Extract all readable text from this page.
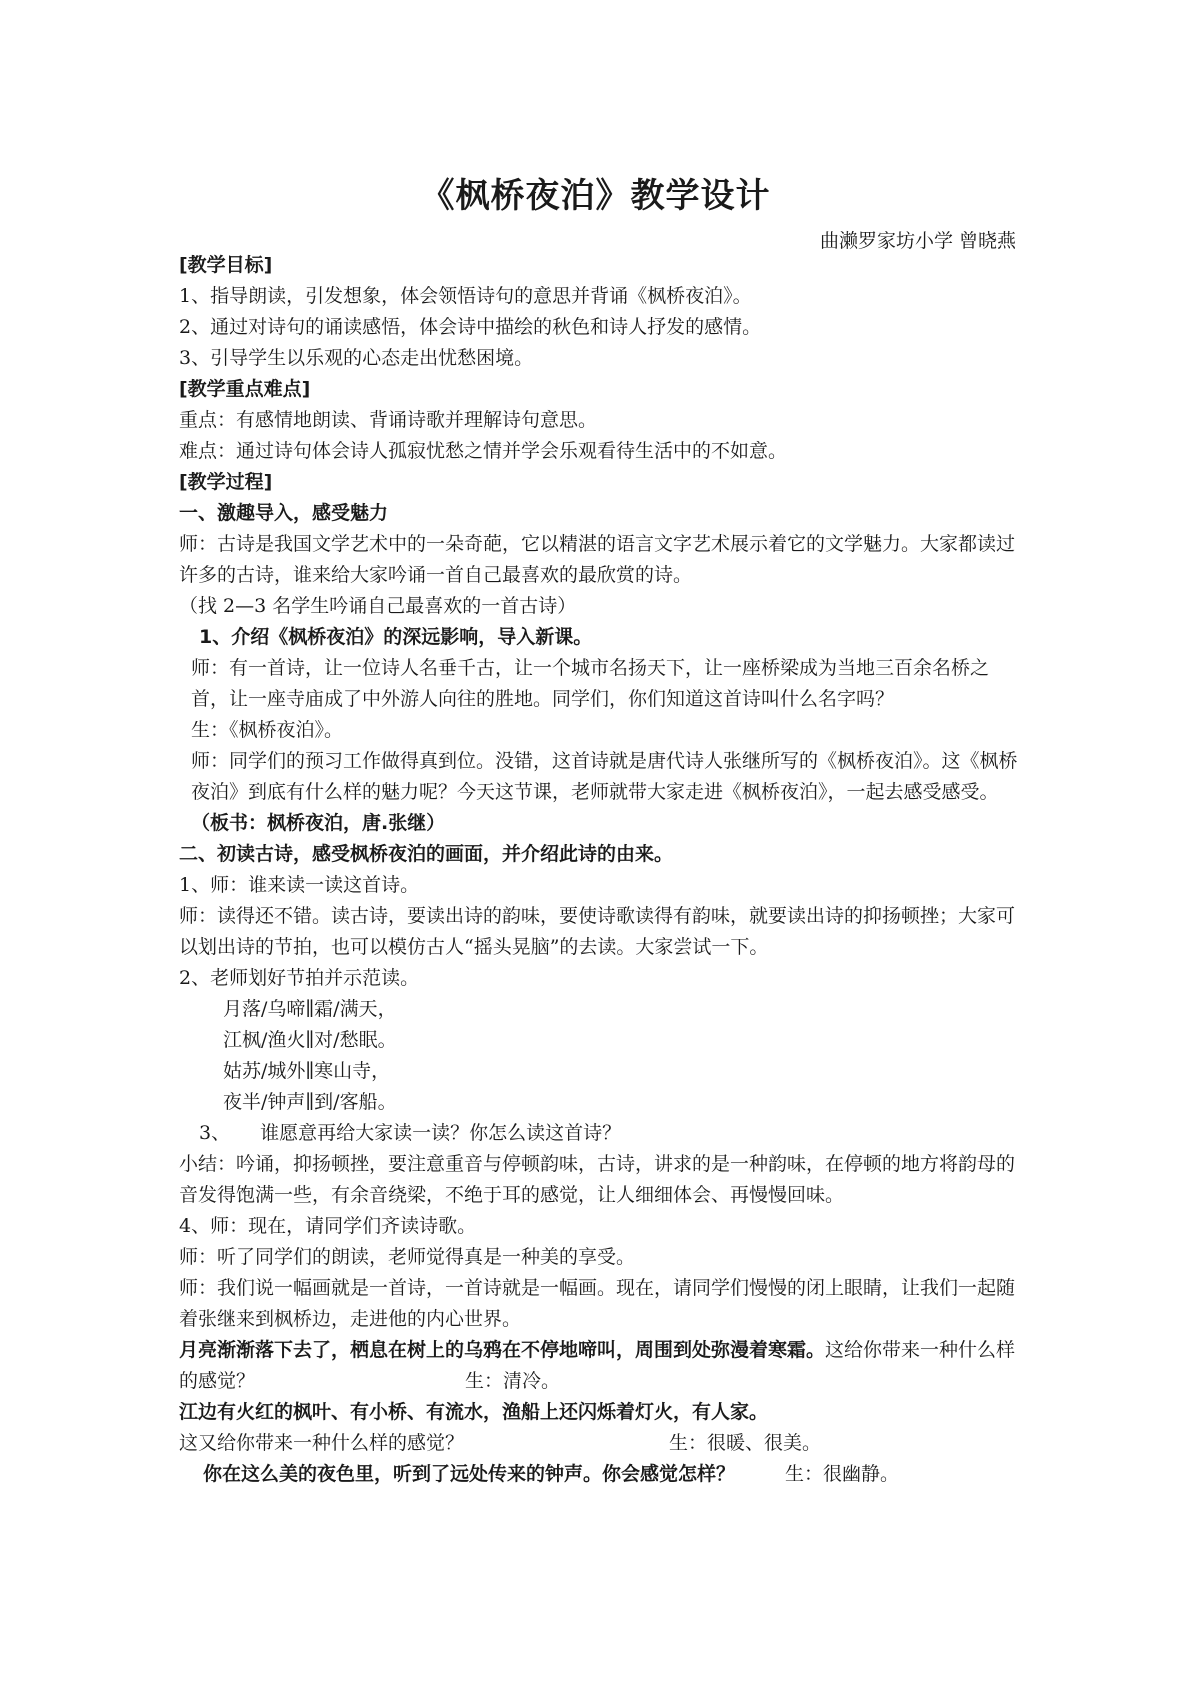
《枫桥夜泊》教学设计
曲濑罗家坊小学 曾晓燕

[教学目标]

1、指导朗读，引发想象，体会领悟诗句的意思并背诵《枫桥夜泊》。

2、通过对诗句的诵读感悟，体会诗中描绘的秋色和诗人抒发的感情。

3、引导学生以乐观的心态走出忧愁困境。

[教学重点难点]

重点：有感情地朗读、背诵诗歌并理解诗句意思。

难点：通过诗句体会诗人孤寂忧愁之情并学会乐观看待生活中的不如意。

[教学过程]

一、激趣导入，感受魅力

师：古诗是我国文学艺术中的一朵奇葩，它以精湛的语言文字艺术展示着它的文学魅力。大家都读过许多的古诗，谁来给大家吟诵一首自己最喜欢的最欣赏的诗。

（找 2—3 名学生吟诵自己最喜欢的一首古诗）

1、介绍《枫桥夜泊》的深远影响，导入新课。

师：有一首诗，让一位诗人名垂千古，让一个城市名扬天下，让一座桥梁成为当地三百余名桥之首，让一座寺庙成了中外游人向往的胜地。同学们，你们知道这首诗叫什么名字吗？

生：《枫桥夜泊》。

师：同学们的预习工作做得真到位。没错，这首诗就是唐代诗人张继所写的《枫桥夜泊》。这《枫桥夜泊》到底有什么样的魅力呢？今天这节课，老师就带大家走进《枫桥夜泊》，一起去感受感受。（板书：枫桥夜泊，唐.张继）

二、初读古诗，感受枫桥夜泊的画面，并介绍此诗的由来。

1、师：谁来读一读这首诗。

师：读得还不错。读古诗，要读出诗的韵味，要使诗歌读得有韵味，就要读出诗的抑扬顿挫；大家可以划出诗的节拍，也可以模仿古人“摇头晃脑”的去读。大家尝试一下。

2、老师划好节拍并示范读。

月落/乌啼∥霜/满天，

江枫/渔火∥对/愁眠。

姑苏/城外∥寒山寺，

夜半/钟声∥到/客船。

3、 谁愿意再给大家读一读？你怎么读这首诗？

小结：吟诵，抑扬顿挫，要注意重音与停顿韵味，古诗，讲求的是一种韵味，在停顿的地方将韵母的音发得饱满一些，有余音绕梁，不绝于耳的感觉，让人细细体会、再慢慢回味。

4、师：现在，请同学们齐读诗歌。

师：听了同学们的朗读，老师觉得真是一种美的享受。

师：我们说一幅画就是一首诗，一首诗就是一幅画。现在，请同学们慢慢的闭上眼睛，让我们一起随着张继来到枫桥边，走进他的内心世界。

月亮渐渐落下去了，栖息在树上的乌鸦在不停地啼叫，周围到处弥漫着寒霜。这给你带来一种什么样的感觉？	生：清冷。

江边有火红的枫叶、有小桥、有流水，渔船上还闪烁着灯火，有人家。

这又给你带来一种什么样的感觉？	生：很暖、很美。

你在这么美的夜色里，听到了远处传来的钟声。你会感觉怎样？	生：很幽静。
